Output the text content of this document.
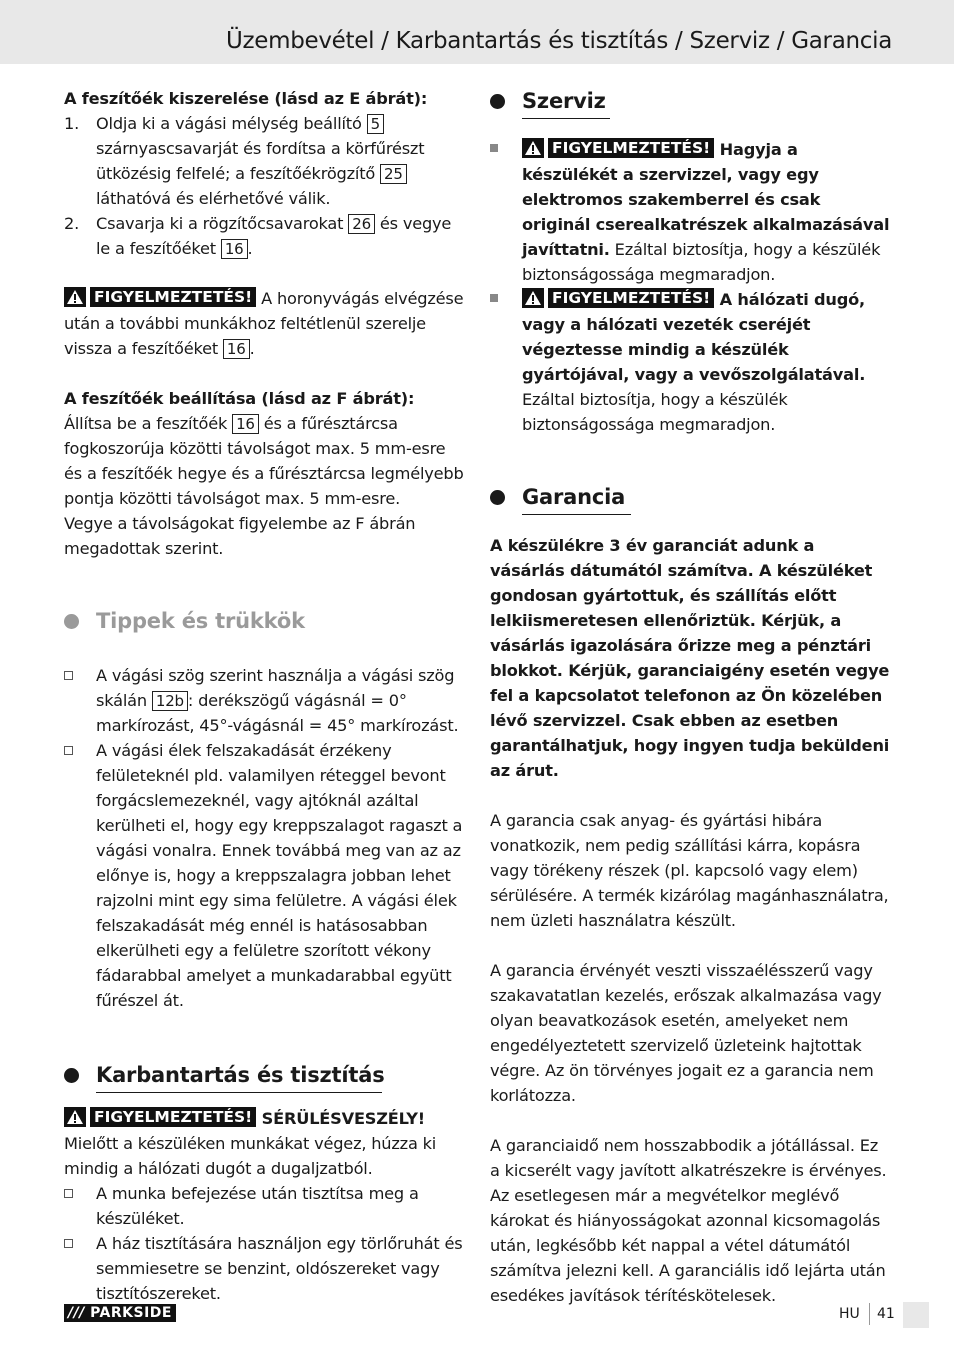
Üzembevétel / Karbantartás és tisztítás / Szerviz / Garancia

A feszítőék kiszerelése (lásd az E ábrát):

1. Oldja ki a vágási mélység beállító 5 szárnyascsavarját és fordítsa a körfűrészt ütközésig felfelé; a feszítőékrögzítő 25 láthatóvá és elérhetővé válik.
2. Csavarja ki a rögzítőcsavarokat 26 és vegye le a feszítőéket 16 .

FIGYELMEZTETÉS! A horonyvágás elvégzése után a további munkákhoz feltétlenül szerelje vissza a feszítőéket 16 .

A feszítőék beállítása (lásd az F ábrát):

Állítsa be a feszítőék 16 és a fűrésztárcsa fogkoszorúja közötti távolságot max. 5 mm-esre és a feszítőék hegye és a fűrésztárcsa legmélyebb pontja közötti távolságot max. 5 mm-esre.

Vegye a távolságokat figyelembe az F ábrán megadottak szerint.

Tippek és trükkök
A vágási szög szerint használja a vágási szög skálán 12b : derékszögű vágásnál = 0° markírozást, 45°-vágásnál = 45° markírozást.
A vágási élek felszakadását érzékeny felületeknél pld. valamilyen réteggel bevont forgácslemezeknél, vagy ajtóknál azáltal kerülheti el, hogy egy kreppszalagot ragaszt a vágási vonalra. Ennek továbbá meg van az az előnye is, hogy a kreppszalagra jobban lehet rajzolni mint egy sima felületre. A vágási élek felszakadását még ennél is hatásosabban elkerülheti egy a felületre szorított vékony fádarabbal amelyet a munkadarabbal együtt fűrészel át.
Karbantartás és tisztítás

FIGYELMEZTETÉS! SÉRÜLÉSVESZÉLY!

Mielőtt a készüléken munkákat végez, húzza ki mindig a hálózati dugót a dugaljzatból.

A munka befejezése után tisztítsa meg a készüléket.
A ház tisztítására használjon egy törlőruhát és semmiesetre se benzint, oldószereket vagy tisztítószereket.
Szerviz
FIGYELMEZTETÉS! Hagyja a készülékét a szervizzel, vagy egy elektromos szakemberrel és csak originál cserealkatrészek alkalmazásával javíttatni. Ezáltal biztosítja, hogy a készülék biztonságossága megmaradjon.
FIGYELMEZTETÉS! A hálózati dugó, vagy a hálózati vezeték cseréjét végeztesse mindig a készülék gyártójával, vagy a vevőszolgálatával. Ezáltal biztosítja, hogy a készülék biztonságossága megmaradjon.
Garancia

A készülékre 3 év garanciát adunk a vásárlás dátumától számítva. A készüléket gondosan gyártottuk, és szállítás előtt lelkiismeretesen ellenőriztük. Kérjük, a vásárlás igazolására őrizze meg a pénztári blokkot. Kérjük, garanciaigény esetén vegye fel a kapcsolatot telefonon az Ön közelében lévő szervizzel. Csak ebben az esetben garantálhatjuk, hogy ingyen tudja beküldeni az árut.

A garancia csak anyag- és gyártási hibára vonatkozik, nem pedig szállítási kárra, kopásra vagy törékeny részek (pl. kapcsoló vagy elem) sérülésére. A termék kizárólag magánhasználatra, nem üzleti használatra készült.

A garancia érvényét veszti visszaélésszerű vagy szakavatatlan kezelés, erőszak alkalmazása vagy olyan beavatkozások esetén, amelyeket nem engedélyeztetett szervizelő üzleteink hajtottak végre. Az ön törvényes jogait ez a garancia nem korlátozza.

A garanciaidő nem hosszabbodik a jótállással. Ez a kicserélt vagy javított alkatrészekre is érvényes. Az esetlegesen már a megvételkor meglévő károkat és hiányosságokat azonnal kicsomagolás után, legkésőbb két nappal a vétel dátumától számítva jelezni kell. A garanciális idő lejárta után esedékes javítások térítéskötelesek.

/// PARKSIDE	HU 41
